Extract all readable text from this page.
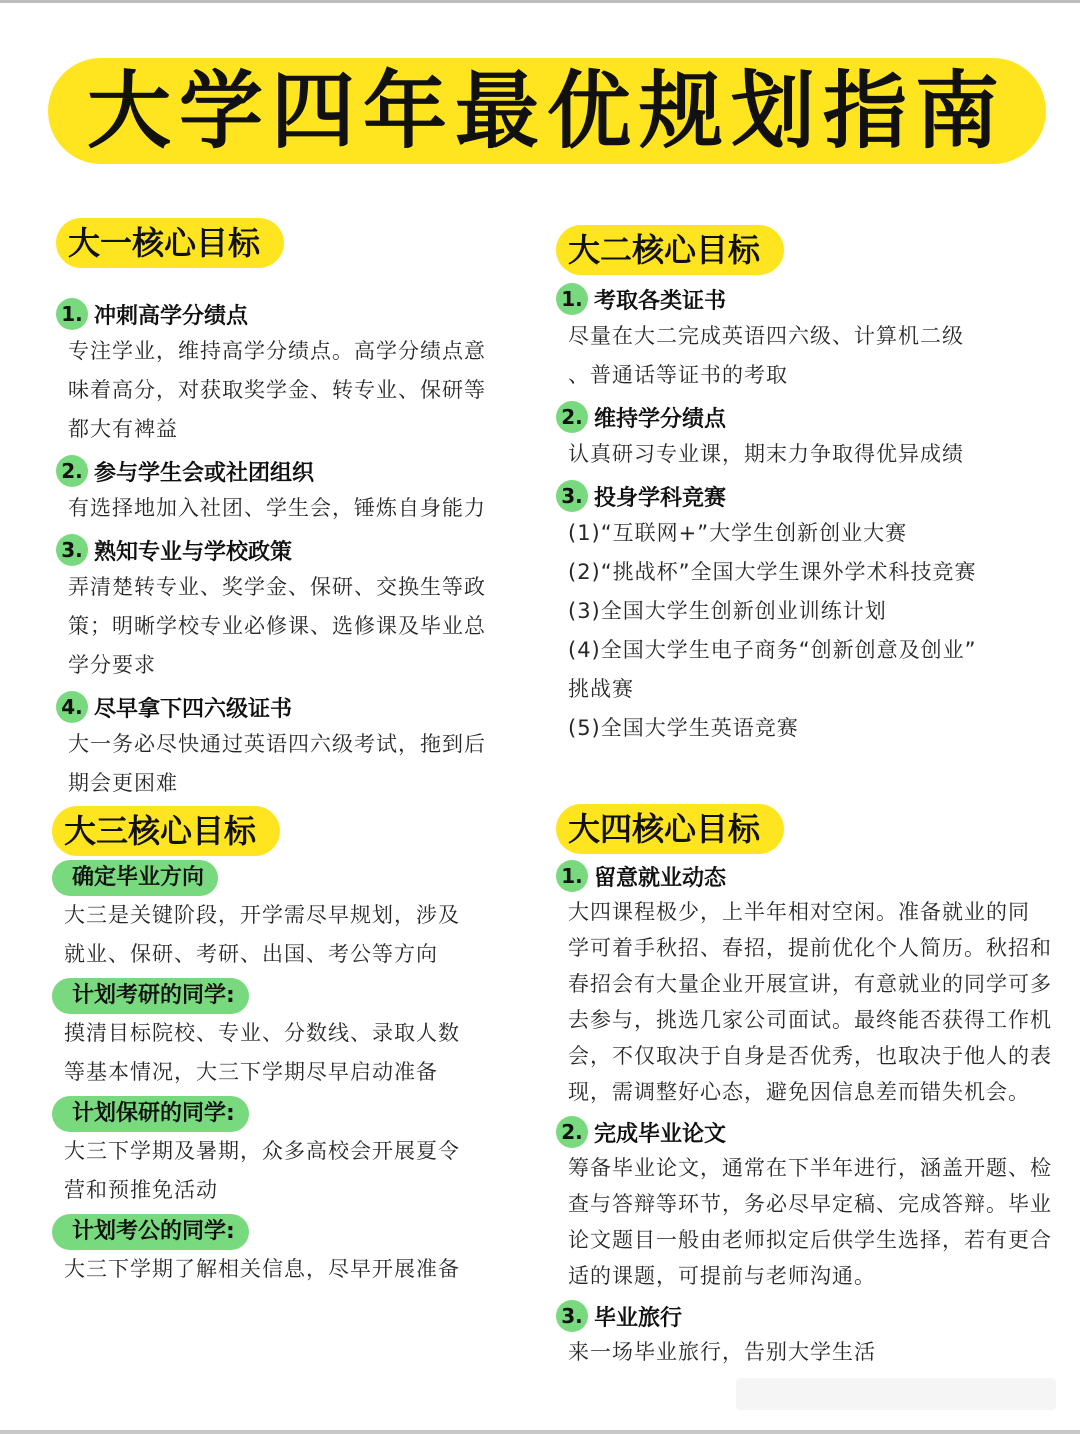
大学四年最优规划指南
大一核心目标
1. 冲刺高学分绩点
专注学业，维持高学分绩点。高学分绩点意
味着高分，对获取奖学金、转专业、保研等
都大有裨益
2. 参与学生会或社团组织
有选择地加入社团、学生会，锤炼自身能力
3. 熟知专业与学校政策
弄清楚转专业、奖学金、保研、交换生等政
策；明晰学校专业必修课、选修课及毕业总
学分要求
4. 尽早拿下四六级证书
大一务必尽快通过英语四六级考试，拖到后
期会更困难
大二核心目标
1. 考取各类证书
尽量在大二完成英语四六级、计算机二级
、普通话等证书的考取
2. 维持学分绩点
认真研习专业课，期末力争取得优异成绩
3. 投身学科竞赛
(1)“互联网+”大学生创新创业大赛
(2)“挑战杯”全国大学生课外学术科技竞赛
(3)全国大学生创新创业训练计划
(4)全国大学生电子商务“创新创意及创业”
挑战赛
(5)全国大学生英语竞赛
大三核心目标
确定毕业方向
大三是关键阶段，开学需尽早规划，涉及
就业、保研、考研、出国、考公等方向
计划考研的同学:
摸清目标院校、专业、分数线、录取人数
等基本情况，大三下学期尽早启动准备
计划保研的同学:
大三下学期及暑期，众多高校会开展夏令
营和预推免活动
计划考公的同学:
大三下学期了解相关信息，尽早开展准备
大四核心目标
1. 留意就业动态
大四课程极少，上半年相对空闲。准备就业的同
学可着手秋招、春招，提前优化个人简历。秋招和
春招会有大量企业开展宣讲，有意就业的同学可多
去参与，挑选几家公司面试。最终能否获得工作机
会，不仅取决于自身是否优秀，也取决于他人的表
现，需调整好心态，避免因信息差而错失机会。
2. 完成毕业论文
筹备毕业论文，通常在下半年进行，涵盖开题、检
查与答辩等环节，务必尽早定稿、完成答辩。毕业
论文题目一般由老师拟定后供学生选择，若有更合
适的课题，可提前与老师沟通。
3. 毕业旅行
来一场毕业旅行，告别大学生活
